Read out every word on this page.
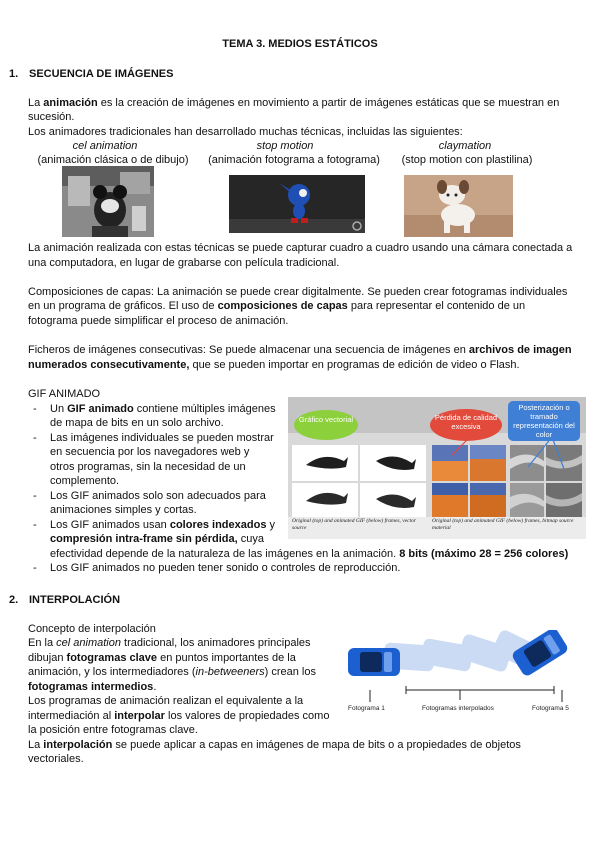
TEMA 3. MEDIOS ESTÁTICOS
1. SECUENCIA DE IMÁGENES

La animación es la creación de imágenes en movimiento a partir de imágenes estáticas que se muestran en

sucesión.

Los animadores tradicionales han desarrollado muchas técnicas, incluidas las siguientes:

cel animation
(animación clásica o de dibujo)
stop motion
(animación fotograma a fotograma)
claymation
(stop motion con plastilina)

La animación realizada con estas técnicas se puede capturar cuadro a cuadro usando una cámara conectada a

una computadora, en lugar de grabarse con película tradicional.

Composiciones de capas: La animación se puede crear digitalmente. Se pueden crear fotogramas individuales

en un programa de gráficos. El uso de composiciones de capas para representar el contenido de un

fotograma puede simplificar el proceso de animación.

Ficheros de imágenes consecutivas: Se puede almacenar una secuencia de imágenes en archivos de imagen

numerados consecutivamente, que se pueden importar en programas de edición de video o Flash.

GIF ANIMADO

- Un GIF animado contiene múltiples imágenes

de mapa de bits en un solo archivo.

- Las imágenes individuales se pueden mostrar

en secuencia por los navegadores web y

otros programas, sin la necesidad de un

complemento.

- Los GIF animados solo son adecuados para

animaciones simples y cortas.

- Los GIF animados usan colores indexados y

compresión intra-frame sin pérdida, cuya

efectividad depende de la naturaleza de las imágenes en la animación. 8 bits (máximo 28 = 256 colores)

- Los GIF animados no pueden tener sonido o controles de reproducción.

Gráfico vectorial	Pérdida de calidad excesiva
Posterización o tramado representación del color
Original (top) and animated GIF (below) frames, vector source
Original (top) and animated GIF (below) frames, bitmap source material
2. INTERPOLACIÓN

Concepto de interpolación

En la cel animation tradicional, los animadores principales

dibujan fotogramas clave en puntos importantes de la

animación, y los intermediadores (in-betweeners) crean los

fotogramas intermedios.

Los programas de animación realizan el equivalente a la

intermediación al interpolar los valores de propiedades como

la posición entre fotogramas clave.

La interpolación se puede aplicar a capas en imágenes de mapa de bits o a propiedades de objetos

vectoriales.

Fotograma 1	Fotogramas interpolados	Fotograma 5
